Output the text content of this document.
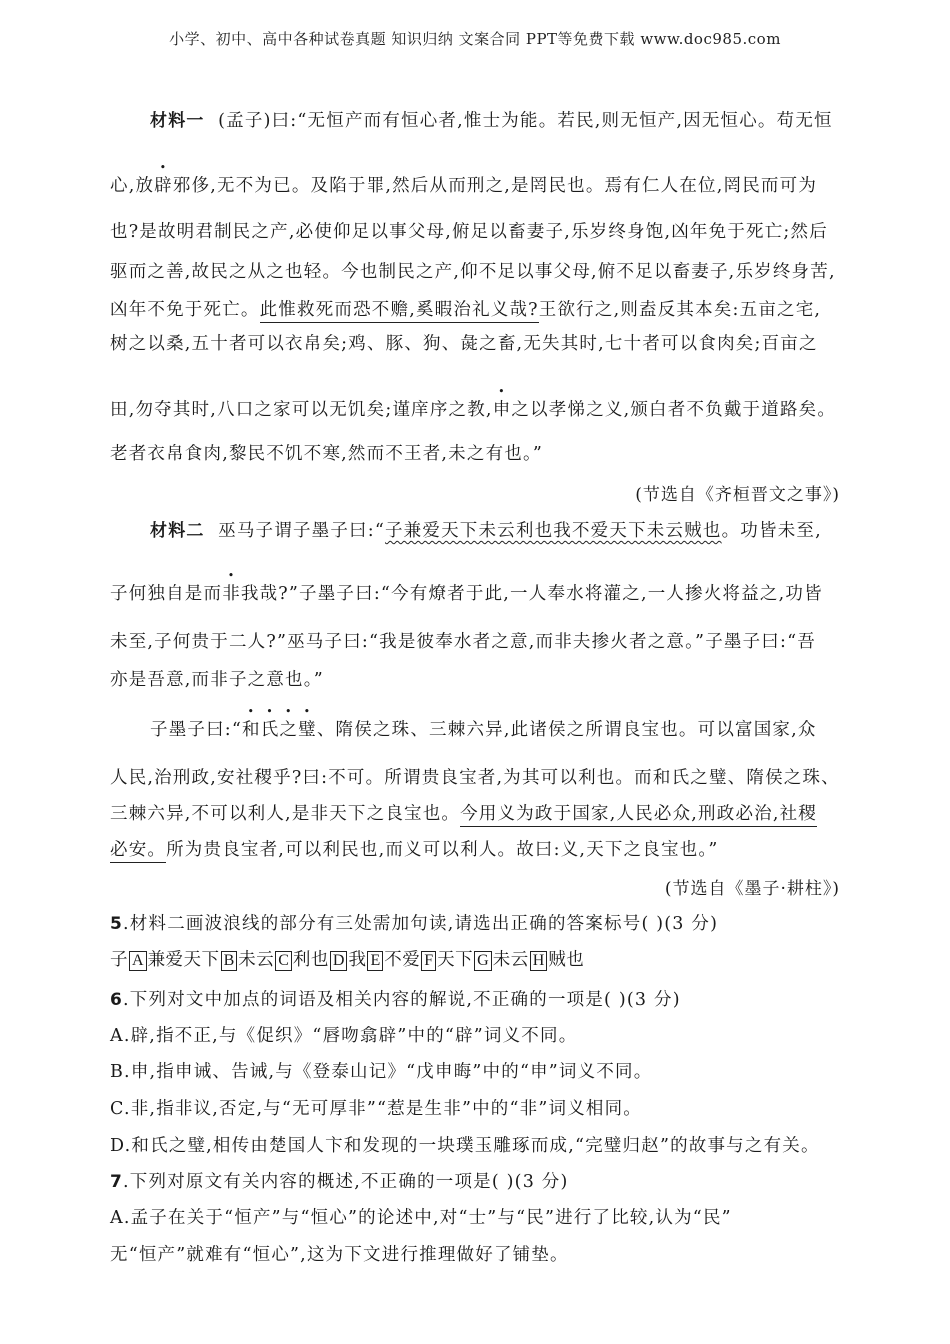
小学、初中、高中各种试卷真题 知识归纳 文案合同 PPT等免费下载 www.doc985.com
材料一 (孟子)曰:“无恒产而有恒心者,惟士为能。若民,则无恒产,因无恒心。苟无恒
心,放辟邪侈,无不为已。及陷于罪,然后从而刑之,是罔民也。焉有仁人在位,罔民而可为
也?是故明君制民之产,必使仰足以事父母,俯足以畜妻子,乐岁终身饱,凶年免于死亡;然后
驱而之善,故民之从之也轻。今也制民之产,仰不足以事父母,俯不足以畜妻子,乐岁终身苦,
凶年不免于死亡。此惟救死而恐不赡,奚暇治礼义哉?王欲行之,则盍反其本矣:五亩之宅,
树之以桑,五十者可以衣帛矣;鸡、豚、狗、彘之畜,无失其时,七十者可以食肉矣;百亩之
田,勿夺其时,八口之家可以无饥矣;谨庠序之教,申之以孝悌之义,颁白者不负戴于道路矣。
老者衣帛食肉,黎民不饥不寒,然而不王者,未之有也。”
(节选自《齐桓晋文之事》)
材料二 巫马子谓子墨子曰:“子兼爱天下未云利也我不爱天下未云贼也。功皆未至,
子何独自是而非我哉?”子墨子曰:“今有燎者于此,一人奉水将灌之,一人掺火将益之,功皆
未至,子何贵于二人?”巫马子曰:“我是彼奉水者之意,而非夫掺火者之意。”子墨子曰:“吾
亦是吾意,而非子之意也。”
子墨子曰:“和氏之璧、隋侯之珠、三棘六异,此诸侯之所谓良宝也。可以富国家,众
人民,治刑政,安社稷乎?曰:不可。所谓贵良宝者,为其可以利也。而和氏之璧、隋侯之珠、
三棘六异,不可以利人,是非天下之良宝也。今用义为政于国家,人民必众,刑政必治,社稷
必安。所为贵良宝者,可以利民也,而义可以利人。故曰:义,天下之良宝也。”
(节选自《墨子·耕柱》)
5.材料二画波浪线的部分有三处需加句读,请选出正确的答案标号( )(3 分)
子 A 兼爱天下 B 未云 C 利也 D 我 E 不爱 F 天下 G 未云 H 贼也
6.下列对文中加点的词语及相关内容的解说,不正确的一项是( )(3 分)
A.辟,指不正,与《促织》“唇吻翕辟”中的“辟”词义不同。
B.申,指申诫、告诫,与《登泰山记》“戊申晦”中的“申”词义不同。
C.非,指非议,否定,与“无可厚非”“惹是生非”中的“非”词义相同。
D.和氏之璧,相传由楚国人卞和发现的一块璞玉雕琢而成,“完璧归赵”的故事与之有关。
7.下列对原文有关内容的概述,不正确的一项是( )(3 分)
A.孟子在关于“恒产”与“恒心”的论述中,对“士”与“民”进行了比较,认为“民”
无“恒产”就难有“恒心”,这为下文进行推理做好了铺垫。
